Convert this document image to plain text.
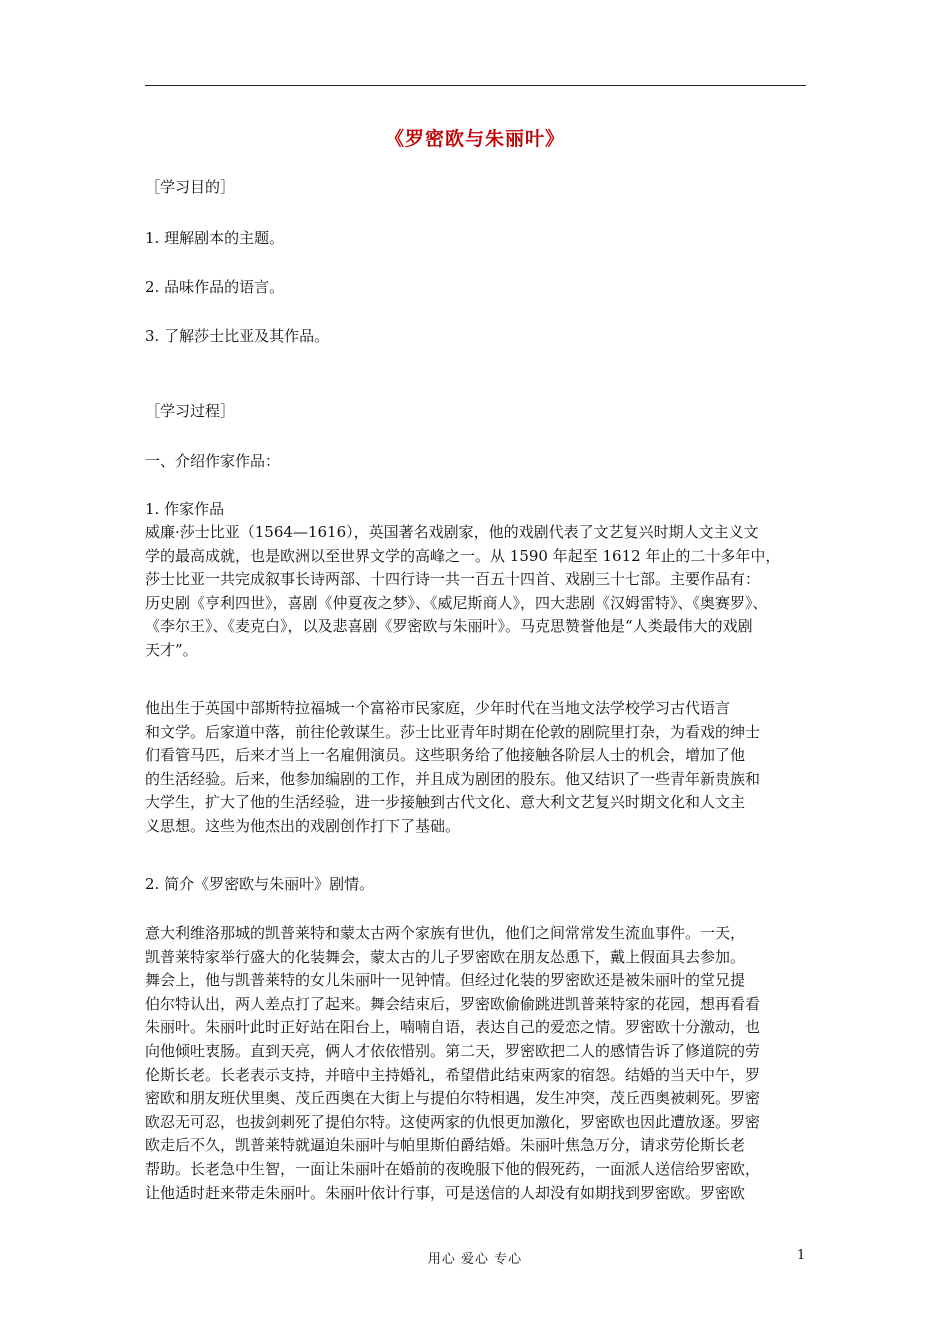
《罗密欧与朱丽叶》
［学习目的］
1. 理解剧本的主题。
2. 品味作品的语言。
3. 了解莎士比亚及其作品。
［学习过程］
一、介绍作家作品：
1. 作家作品
威廉·莎士比亚（1564—1616），英国著名戏剧家，他的戏剧代表了文艺复兴时期人文主义文
学的最高成就，也是欧洲以至世界文学的高峰之一。从 1590 年起至 1612 年止的二十多年中，
莎士比亚一共完成叙事长诗两部、十四行诗一共一百五十四首、戏剧三十七部。主要作品有：
历史剧《亨利四世》，喜剧《仲夏夜之梦》、《威尼斯商人》，四大悲剧《汉姆雷特》、《奥赛罗》、
《李尔王》、《麦克白》，以及悲喜剧《罗密欧与朱丽叶》。马克思赞誉他是“人类最伟大的戏剧
天才”。
他出生于英国中部斯特拉福城一个富裕市民家庭，少年时代在当地文法学校学习古代语言
和文学。后家道中落，前往伦敦谋生。莎士比亚青年时期在伦敦的剧院里打杂，为看戏的绅士
们看管马匹，后来才当上一名雇佣演员。这些职务给了他接触各阶层人士的机会，增加了他
的生活经验。后来，他参加编剧的工作，并且成为剧团的股东。他又结识了一些青年新贵族和
大学生，扩大了他的生活经验，进一步接触到古代文化、意大利文艺复兴时期文化和人文主
义思想。这些为他杰出的戏剧创作打下了基础。
2. 简介《罗密欧与朱丽叶》剧情。
意大利维洛那城的凯普莱特和蒙太古两个家族有世仇，他们之间常常发生流血事件。一天，
凯普莱特家举行盛大的化装舞会，蒙太古的儿子罗密欧在朋友怂恿下，戴上假面具去参加。
舞会上，他与凯普莱特的女儿朱丽叶一见钟情。但经过化装的罗密欧还是被朱丽叶的堂兄提
伯尔特认出，两人差点打了起来。舞会结束后，罗密欧偷偷跳进凯普莱特家的花园，想再看看
朱丽叶。朱丽叶此时正好站在阳台上，喃喃自语，表达自己的爱恋之情。罗密欧十分激动，也
向他倾吐衷肠。直到天亮，俩人才依依惜别。第二天，罗密欧把二人的感情告诉了修道院的劳
伦斯长老。长老表示支持，并暗中主持婚礼，希望借此结束两家的宿怨。结婚的当天中午，罗
密欧和朋友班伏里奥、茂丘西奥在大街上与提伯尔特相遇，发生冲突，茂丘西奥被刺死。罗密
欧忍无可忍，也拔剑刺死了提伯尔特。这使两家的仇恨更加激化，罗密欧也因此遭放逐。罗密
欧走后不久，凯普莱特就逼迫朱丽叶与帕里斯伯爵结婚。朱丽叶焦急万分，请求劳伦斯长老
帮助。长老急中生智，一面让朱丽叶在婚前的夜晚服下他的假死药，一面派人送信给罗密欧，
让他适时赶来带走朱丽叶。朱丽叶依计行事，可是送信的人却没有如期找到罗密欧。罗密欧
用心 爱心 专心	1
